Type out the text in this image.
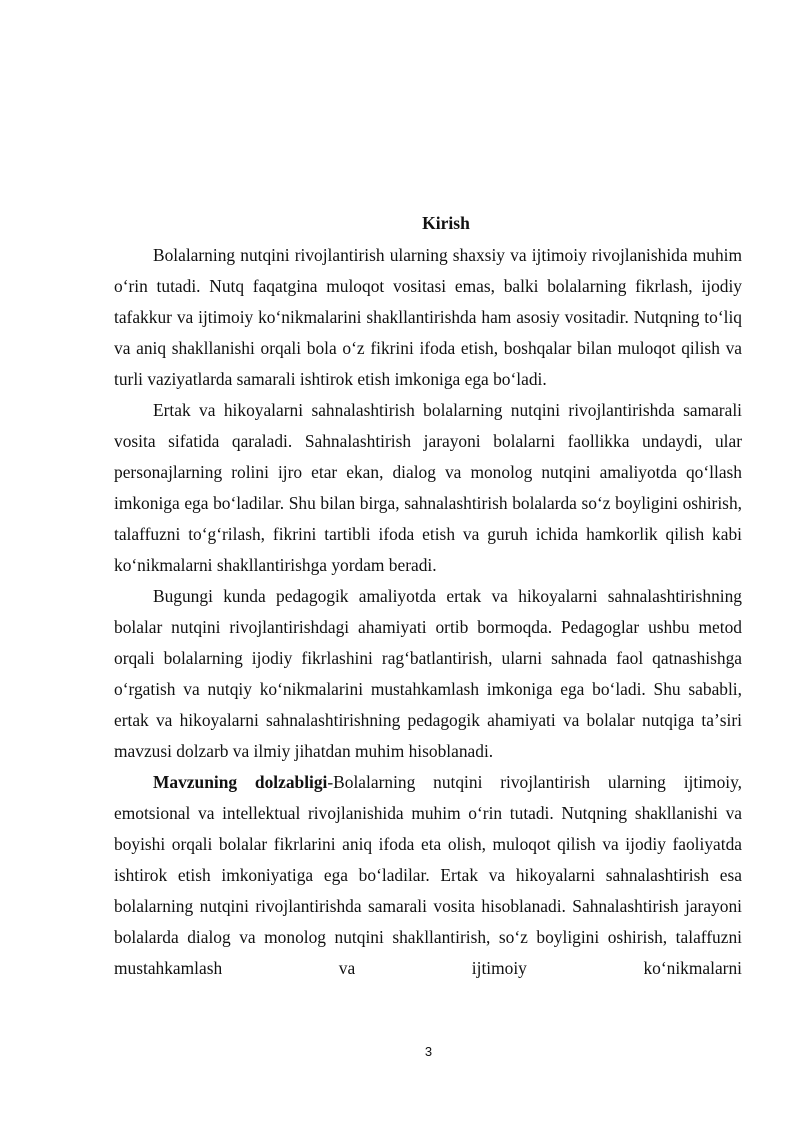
Kirish

Bolalarning nutqini rivojlantirish ularning shaxsiy va ijtimoiy rivojlanishida muhim oʻrin tutadi. Nutq faqatgina muloqot vositasi emas, balki bolalarning fikrlash, ijodiy tafakkur va ijtimoiy koʻnikmalarini shakllantirishda ham asosiy vositadir. Nutqning toʻliq va aniq shakllanishi orqali bola oʻz fikrini ifoda etish, boshqalar bilan muloqot qilish va turli vaziyatlarda samarali ishtirok etish imkoniga ega boʻladi.

Ertak va hikoyalarni sahnalashtirish bolalarning nutqini rivojlantirishda samarali vosita sifatida qaraladi. Sahnalashtirish jarayoni bolalarni faollikka undaydi, ular personajlarning rolini ijro etar ekan, dialog va monolog nutqini amaliyotda qoʻllash imkoniga ega boʻladilar. Shu bilan birga, sahnalashtirish bolalarda soʻz boyligini oshirish, talaffuzni toʻgʻrilash, fikrini tartibli ifoda etish va guruh ichida hamkorlik qilish kabi koʻnikmalarni shakllantirishga yordam beradi.

Bugungi kunda pedagogik amaliyotda ertak va hikoyalarni sahnalashtirishning bolalar nutqini rivojlantirishdagi ahamiyati ortib bormoqda. Pedagoglar ushbu metod orqali bolalarning ijodiy fikrlashini ragʻbatlantirish, ularni sahnada faol qatnashishga oʻrgatish va nutqiy koʻnikmalarini mustahkamlash imkoniga ega boʻladi. Shu sababli, ertak va hikoyalarni sahnalashtirishning pedagogik ahamiyati va bolalar nutqiga taʼsiri mavzusi dolzarb va ilmiy jihatdan muhim hisoblanadi.

Mavzuning dolzabligi-Bolalarning nutqini rivojlantirish ularning ijtimoiy, emotsional va intellektual rivojlanishida muhim oʻrin tutadi. Nutqning shakllanishi va boyishi orqali bolalar fikrlarini aniq ifoda eta olish, muloqot qilish va ijodiy faoliyatda ishtirok etish imkoniyatiga ega boʻladilar. Ertak va hikoyalarni sahnalashtirish esa bolalarning nutqini rivojlantirishda samarali vosita hisoblanadi. Sahnalashtirish jarayoni bolalarda dialog va monolog nutqini shakllantirish, soʻz boyligini oshirish, talaffuzni mustahkamlash va ijtimoiy koʻnikmalarni

3
